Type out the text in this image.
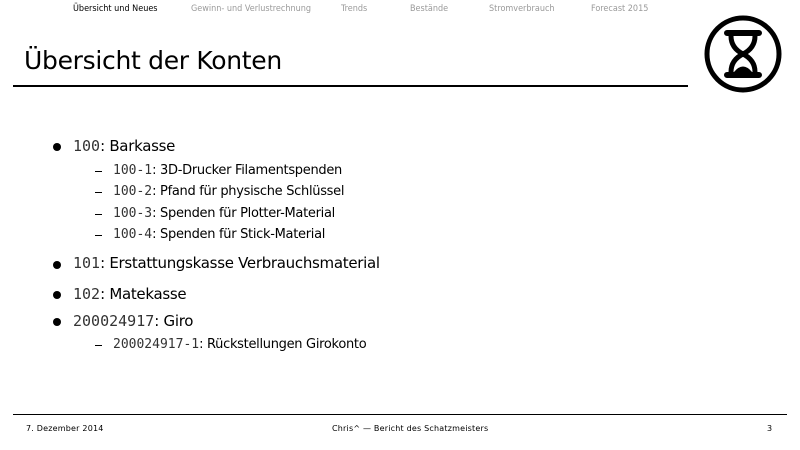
Übersicht und Neues	Gewinn- und Verlustrechnung	Trends	Bestände	Stromverbrauch	Forecast 2015
Übersicht der Konten
100: Barkasse
100-1: 3D-Drucker Filamentspenden
100-2: Pfand für physische Schlüssel
100-3: Spenden für Plotter-Material
100-4: Spenden für Stick-Material
101: Erstattungskasse Verbrauchsmaterial
102: Matekasse
200024917: Giro
200024917-1: Rückstellungen Girokonto
7. Dezember 2014	Chris^ — Bericht des Schatzmeisters	3
